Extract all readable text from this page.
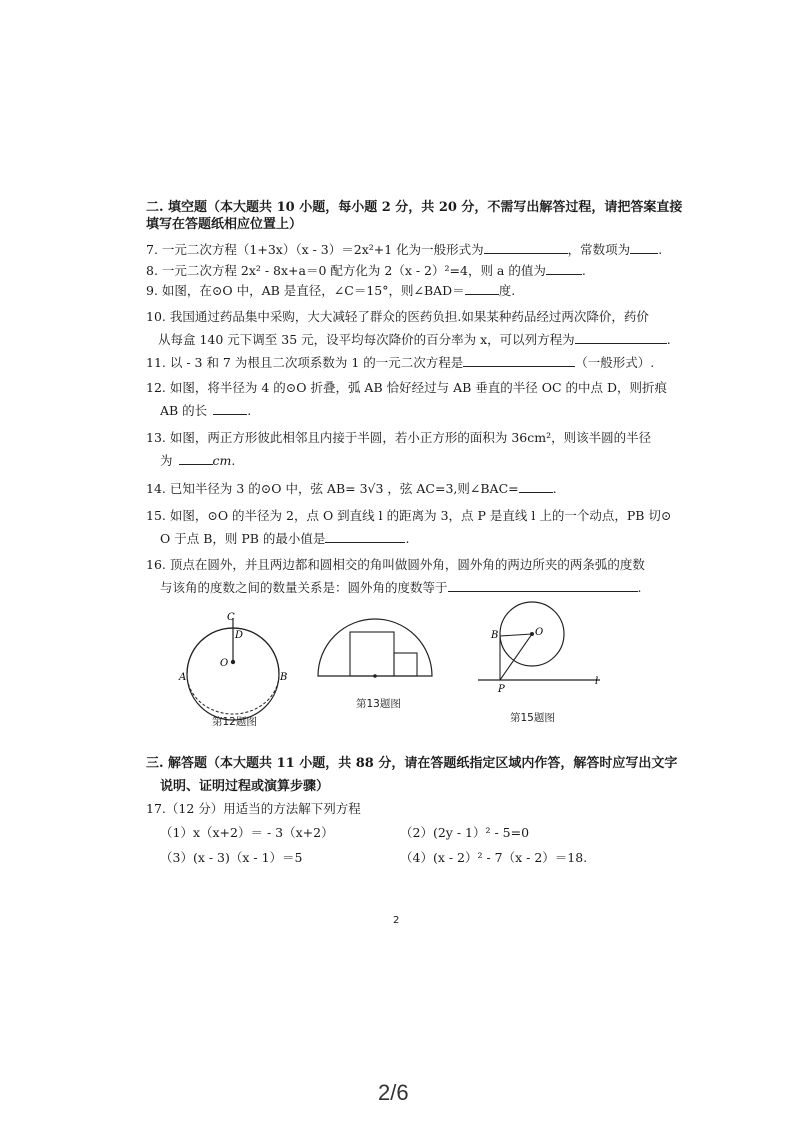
二. 填空题（本大题共 10 小题，每小题 2 分，共 20 分，不需写出解答过程，请把答案直接
填写在答题纸相应位置上）
7. 一元二次方程（1+3x）（x - 3）＝2x²+1 化为一般形式为	，常数项为 .
8. 一元二次方程 2x² - 8x+a＝0 配方化为 2（x - 2）²=4，则 a 的值为	.
9. 如图，在⊙O 中，AB 是直径，∠C＝15°，则∠BAD＝	度.
10. 我国通过药品集中采购，大大减轻了群众的医药负担.如果某种药品经过两次降价，药价
从每盒 140 元下调至 35 元，设平均每次降价的百分率为 x，可以列方程为	.
11. 以 - 3 和 7 为根且二次项系数为 1 的一元二次方程是	（一般形式）.
12. 如图，将半径为 4 的⊙O 折叠，弧 AB 恰好经过与 AB 垂直的半径 OC 的中点 D，则折痕
AB 的长	.
13. 如图，两正方形彼此相邻且内接于半圆，若小正方形的面积为 36cm²，则该半圆的半径
为	cm.
14. 已知半径为 3 的⊙O 中，弦 AB= 3√3 ，弦 AC=3,则∠BAC=	.
15. 如图，⊙O 的半径为 2，点 O 到直线 l 的距离为 3，点 P 是直线 l 上的一个动点，PB 切⊙
O 于点 B，则 PB 的最小值是	.
16. 顶点在圆外，并且两边都和圆相交的角叫做圆外角，圆外角的两边所夹的两条弧的度数
与该角的度数之间的数量关系是：圆外角的度数等于	.
C
D
O
A	B
第12题图
第13题图
B	O
P
l
第15题图
三. 解答题（本大题共 11 小题，共 88 分，请在答题纸指定区域内作答，解答时应写出文字
说明、证明过程或演算步骤）
17.（12 分）用适当的方法解下列方程
（1）x（x+2）＝ - 3（x+2）	（2）(2y - 1）² - 5=0
（3）(x - 3)（x - 1）＝5	（4）(x - 2）² - 7（x - 2）＝18.
2
2/6
